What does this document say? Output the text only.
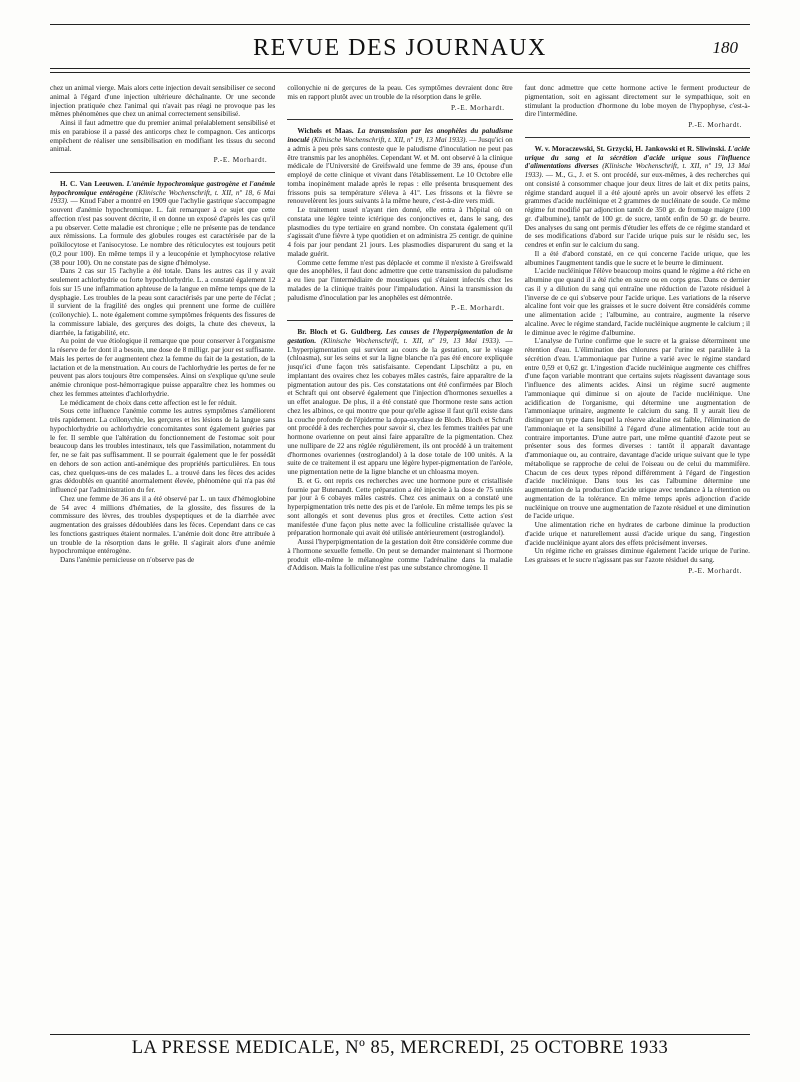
REVUE DES JOURNAUX	180

chez un animal vierge. Mais alors cette injection devait sensibiliser ce second animal à l'égard d'une injection ultérieure déchaînante. Or une seconde injection pratiquée chez l'animal qui n'avait pas réagi ne provoque pas les mêmes phénomènes que chez un animal correctement sensibilisé.

Ainsi il faut admettre que du premier animal préalablement sensibilisé et mis en parabiose il a passé des anticorps chez le compagnon. Ces anticorps empêchent de réaliser une sensibilisation en modifiant les tissus du second animal.

P.-E. Morhardt.

H. C. Van Leeuwen. L'anémie hypochromique gastrogène et l'anémie hypochromique entérogène (Klinische Wochenschrift, t. XII, nº 18, 6 Mai 1933). — Knud Faber a montré en 1909 que l'achylie gastrique s'accompagne souvent d'anémie hypochromique. L. fait remarquer à ce sujet que cette affection n'est pas souvent décrite, il en donne un exposé d'après les cas qu'il a pu observer. Cette maladie est chronique ; elle ne présente pas de tendance aux rémissions. La formule des globules rouges est caractérisée par de la poïkilocytose et l'anisocytose. Le nombre des réticulocytes est toujours petit (0,2 pour 100). En même temps il y a leucopénie et lymphocytose relative (38 pour 100). On ne constate pas de signe d'hémolyse.

Dans 2 cas sur 15 l'achylie a été totale. Dans les autres cas il y avait seulement achlorhydrie ou forte hypochlorhydrie. L. a constaté également 12 fois sur 15 une inflammation aphteuse de la langue en même temps que de la dysphagie. Les troubles de la peau sont caractérisés par une perte de l'éclat ; il survient de la fragilité des ongles qui prennent une forme de cuillère (coïlonychie). L. note également comme symptômes fréquents des fissures de la commissure labiale, des gerçures des doigts, la chute des cheveux, la diarrhée, la fatigabilité, etc.

Au point de vue étiologique il remarque que pour conserver à l'organisme la réserve de fer dont il a besoin, une dose de 8 milligr. par jour est suffisante. Mais les pertes de fer augmentent chez la femme du fait de la gestation, de la lactation et de la menstruation. Au cours de l'achlorhydrie les pertes de fer ne peuvent pas alors toujours être compensées. Ainsi on s'explique qu'une seule anémie chronique post-hémorragique puisse apparaître chez les hommes ou chez les femmes atteintes d'achlorhydrie.

Le médicament de choix dans cette affection est le fer réduit.

Sous cette influence l'anémie comme les autres symptômes s'améliorent très rapidement. La coïlonychie, les gerçures et les lésions de la langue sans hypochlorhydrie ou achlorhydrie concomitantes sont également guéries par le fer. Il semble que l'altération du fonctionnement de l'estomac soit pour beaucoup dans les troubles intestinaux, tels que l'assimilation, notamment du fer, ne se fait pas suffisamment. Il se pourrait également que le fer possédât en dehors de son action anti-anémique des propriétés particulières. En tous cas, chez quelques-uns de ces malades L. a trouvé dans les fèces des acides gras dédoublés en quantité anormalement élevée, phénomène qui n'a pas été influencé par l'administration du fer.

Chez une femme de 36 ans il a été observé par L. un taux d'hémoglobine de 54 avec 4 millions d'hématies, de la glossite, des fissures de la commissure des lèvres, des troubles dyspeptiques et de la diarrhée avec augmentation des graisses dédoublées dans les fèces. Cependant dans ce cas les fonctions gastriques étaient normales. L'anémie doit donc être attribuée à un trouble de la résorption dans le grêle. Il s'agirait alors d'une anémie hypochromique entérogène.

Dans l'anémie pernicieuse on n'observe pas de

coïlonychie ni de gerçures de la peau. Ces symptômes devraient donc être mis en rapport plutôt avec un trouble de la résorption dans le grêle.

P.-E. Morhardt.

Wichels et Maas. La transmission par les anophèles du paludisme inoculé (Klinische Wochenschrift, t. XII, nº 19, 13 Mai 1933). — Jusqu'ici on a admis à peu près sans conteste que le paludisme d'inoculation ne peut pas être transmis par les anophèles. Cependant W. et M. ont observé à la clinique médicale de l'Université de Greifswald une femme de 39 ans, épouse d'un employé de cette clinique et vivant dans l'établissement. Le 10 Octobre elle tomba inopinément malade après le repas : elle présenta brusquement des frissons puis sa température s'éleva à 41º. Les frissons et la fièvre se renouvelèrent les jours suivants à la même heure, c'est-à-dire vers midi.

Le traitement usuel n'ayant rien donné, elle entra à l'hôpital où on constata une légère teinte ictérique des conjonctives et, dans le sang, des plasmodies du type tertiaire en grand nombre. On constata également qu'il s'agissait d'une fièvre à type quotidien et on administra 25 centigr. de quinine 4 fois par jour pendant 21 jours. Les plasmodies disparurent du sang et la malade guérit.

Comme cette femme n'est pas déplacée et comme il n'existe à Greifswald que des anophèles, il faut donc admettre que cette transmission du paludisme a eu lieu par l'intermédiaire de moustiques qui s'étaient infectés chez les malades de la clinique traités pour l'impaludation. Ainsi la transmission du paludisme d'inoculation par les anophèles est démontrée.

P.-E. Morhardt.

Br. Bloch et G. Guldberg. Les causes de l'hyperpigmentation de la gestation. (Klinische Wochenschrift, t. XII, nº 19, 13 Mai 1933). — L'hyperpigmentation qui survient au cours de la gestation, sur le visage (chloasma), sur les seins et sur la ligne blanche n'a pas été encore expliquée jusqu'ici d'une façon très satisfaisante. Cependant Lipschütz a pu, en implantant des ovaires chez les cobayes mâles castrés, faire apparaître de la pigmentation autour des pis. Ces constatations ont été confirmées par Bloch et Schraft qui ont observé également que l'injection d'hormones sexuelles a un effet analogue. De plus, il a été constaté que l'hormone reste sans action chez les albinos, ce qui montre que pour qu'elle agisse il faut qu'il existe dans la couche profonde de l'épiderme la dopa-oxydase de Bloch. Bloch et Schraft ont procédé à des recherches pour savoir si, chez les femmes traitées par une hormone ovarienne on peut ainsi faire apparaître de la pigmentation. Chez une nullipare de 22 ans réglée régulièrement, ils ont procédé à un traitement d'hormones ovariennes (œstroglandol) à la dose totale de 100 unités. A la suite de ce traitement il est apparu une légère hyper-pigmentation de l'aréole, une pigmentation nette de la ligne blanche et un chloasma moyen.

B. et G. ont repris ces recherches avec une hormone pure et cristallisée fournie par Butenandt. Cette préparation a été injectée à la dose de 75 unités par jour à 6 cobayes mâles castrés. Chez ces animaux on a constaté une hyperpigmentation très nette des pis et de l'aréole. En même temps les pis se sont allongés et sont devenus plus gros et érectiles. Cette action s'est manifestée d'une façon plus nette avec la folliculine cristallisée qu'avec la préparation hormonale qui avait été utilisée antérieurement (œstroglandol).

Aussi l'hyperpigmentation de la gestation doit être considérée comme due à l'hormone sexuelle femelle. On peut se demander maintenant si l'hormone produit elle-même le mélanogène comme l'adrénaline dans la maladie d'Addison. Mais la folliculine n'est pas une substance chromogène. Il

faut donc admettre que cette hormone active le ferment producteur de pigmentation, soit en agissant directement sur le sympathique, soit en stimulant la production d'hormone du lobe moyen de l'hypophyse, c'est-à-dire l'intermédine.

P.-E. Morhardt.

W. v. Moraczewski, St. Grzycki, H. Jankowski et R. Sliwinski. L'acide urique du sang et la sécrétion d'acide urique sous l'influence d'alimentations diverses (Klinische Wochenschrift, t. XII, nº 19, 13 Mai 1933). — M., G., J. et S. ont procédé, sur eux-mêmes, à des recherches qui ont consisté à consommer chaque jour deux litres de lait et dix petits pains, régime standard auquel il a été ajouté après un avoir observé les effets 2 grammes d'acide nucléinique et 2 grammes de nucléinate de soude. Ce même régime fut modifié par adjonction tantôt de 350 gr. de fromage maigre (100 gr. d'albumine), tantôt de 100 gr. de sucre, tantôt enfin de 50 gr. de beurre. Des analyses du sang ont permis d'étudier les effets de ce régime standard et de ses modifications d'abord sur l'acide urique puis sur le résidu sec, les cendres et enfin sur le calcium du sang.

Il a été d'abord constaté, en ce qui concerne l'acide urique, que les albumines l'augmentent tandis que le sucre et le beurre le diminuent.

L'acide nucléinique l'élève beaucoup moins quand le régime a été riche en albumine que quand il a été riche en sucre ou en corps gras. Dans ce dernier cas il y a dilution du sang qui entraîne une réduction de l'azote résiduel à l'inverse de ce qui s'observe pour l'acide urique. Les variations de la réserve alcaline font voir que les graisses et le sucre doivent être considérés comme une alimentation acide ; l'albumine, au contraire, augmente la réserve alcaline. Avec le régime standard, l'acide nucléinique augmente le calcium ; il le diminue avec le régime d'albumine.

L'analyse de l'urine confirme que le sucre et la graisse déterminent une rétention d'eau. L'élimination des chlorures par l'urine est parallèle à la sécrétion d'eau. L'ammoniaque par l'urine a varié avec le régime standard entre 0,59 et 0,62 gr. L'ingestion d'acide nucléinique augmente ces chiffres d'une façon variable montrant que certains sujets réagissent davantage sous l'influence des aliments acides. Ainsi un régime sucré augmente l'ammoniaque qui diminue si on ajoute de l'acide nucléinique. Une acidification de l'organisme, qui détermine une augmentation de l'ammoniaque urinaire, augmente le calcium du sang. Il y aurait lieu de distinguer un type dans lequel la réserve alcaline est faible, l'élimination de l'ammoniaque et la sensibilité à l'égard d'une alimentation acide tout au contraire importantes. D'une autre part, une même quantité d'azote peut se présenter sous des formes diverses : tantôt il apparaît davantage d'ammoniaque ou, au contraire, davantage d'acide urique suivant que le type métabolique se rapproche de celui de l'oiseau ou de celui du mammifère. Chacun de ces deux types répond différemment à l'égard de l'ingestion d'acide nucléinique. Dans tous les cas l'albumine détermine une augmentation de la production d'acide urique avec tendance à la rétention ou augmentation de la tolérance. En même temps après adjonction d'acide nucléinique on trouve une augmentation de l'azote résiduel et une diminution de l'acide urique.

Une alimentation riche en hydrates de carbone diminue la production d'acide urique et naturellement aussi d'acide urique du sang, l'ingestion d'acide nucléinique ayant alors des effets précisément inverses.

Un régime riche en graisses diminue également l'acide urique de l'urine. Les graisses et le sucre n'agissant pas sur l'azote résiduel du sang.

P.-E. Morhardt.

LA PRESSE MEDICALE, Nº 85, MERCREDI, 25 OCTOBRE 1933
